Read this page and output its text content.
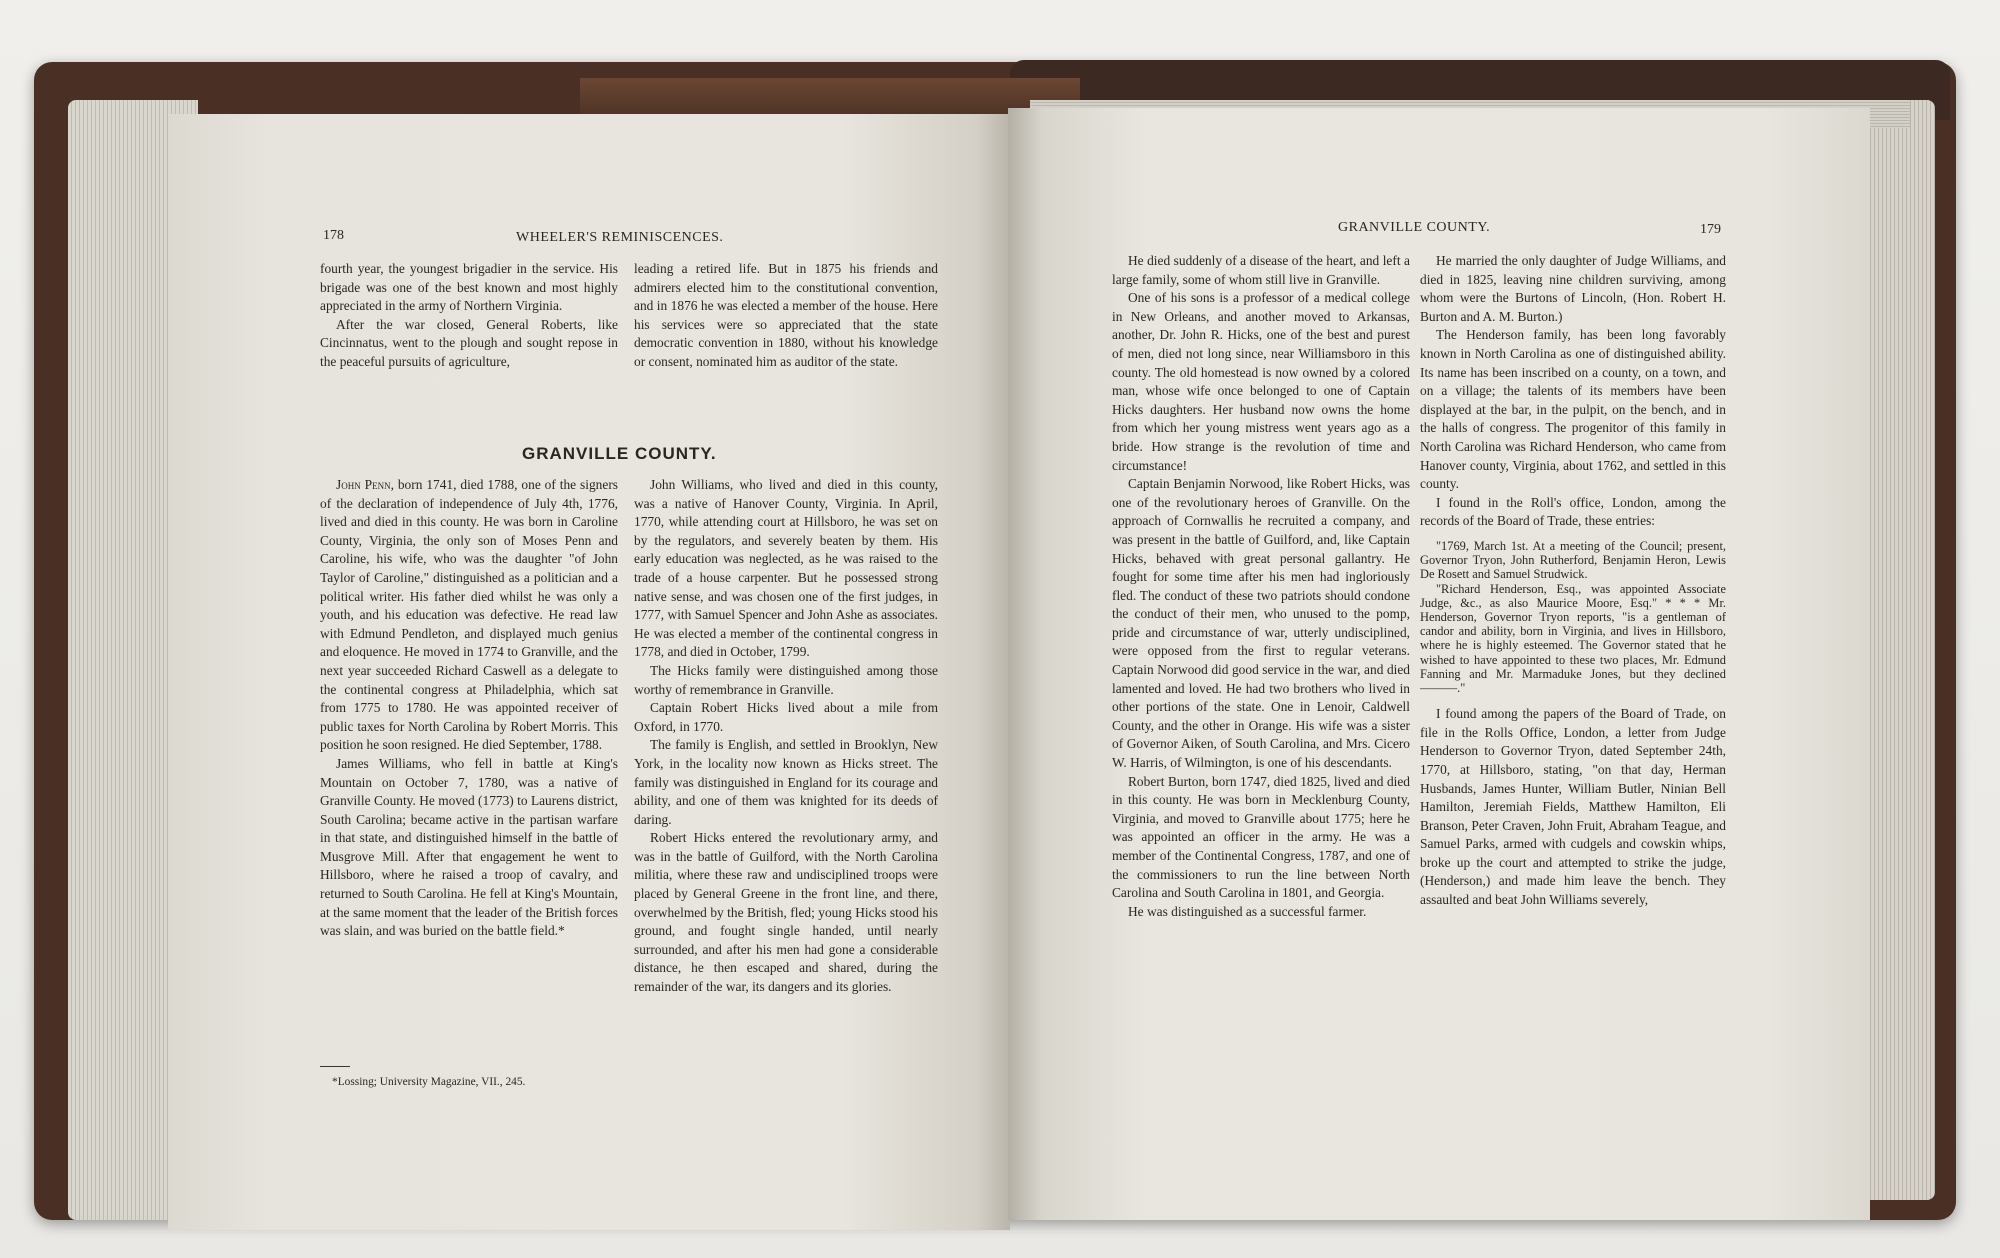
178	WHEELER'S REMINISCENCES.

fourth year, the youngest brigadier in the service. His brigade was one of the best known and most highly appreciated in the army of Northern Virginia.

After the war closed, General Roberts, like Cincinnatus, went to the plough and sought repose in the peaceful pursuits of agriculture,

leading a retired life. But in 1875 his friends and admirers elected him to the constitutional convention, and in 1876 he was elected a member of the house. Here his services were so appreciated that the state democratic convention in 1880, without his knowledge or consent, nominated him as auditor of the state.

GRANVILLE COUNTY.

John Penn, born 1741, died 1788, one of the signers of the declaration of independence of July 4th, 1776, lived and died in this county. He was born in Caroline County, Virginia, the only son of Moses Penn and Caroline, his wife, who was the daughter "of John Taylor of Caroline," distinguished as a politician and a political writer. His father died whilst he was only a youth, and his education was defective. He read law with Edmund Pendleton, and displayed much genius and eloquence. He moved in 1774 to Granville, and the next year succeeded Richard Caswell as a delegate to the continental congress at Philadelphia, which sat from 1775 to 1780. He was appointed receiver of public taxes for North Carolina by Robert Morris. This position he soon resigned. He died September, 1788.

James Williams, who fell in battle at King's Mountain on October 7, 1780, was a native of Granville County. He moved (1773) to Laurens district, South Carolina; became active in the partisan warfare in that state, and distinguished himself in the battle of Musgrove Mill. After that engagement he went to Hillsboro, where he raised a troop of cavalry, and returned to South Carolina. He fell at King's Mountain, at the same moment that the leader of the British forces was slain, and was buried on the battle field.*

*Lossing; University Magazine, VII., 245.

John Williams, who lived and died in this county, was a native of Hanover County, Virginia. In April, 1770, while attending court at Hillsboro, he was set on by the regulators, and severely beaten by them. His early education was neglected, as he was raised to the trade of a house carpenter. But he possessed strong native sense, and was chosen one of the first judges, in 1777, with Samuel Spencer and John Ashe as associates. He was elected a member of the continental congress in 1778, and died in October, 1799.

The Hicks family were distinguished among those worthy of remembrance in Granville.

Captain Robert Hicks lived about a mile from Oxford, in 1770.

The family is English, and settled in Brooklyn, New York, in the locality now known as Hicks street. The family was distinguished in England for its courage and ability, and one of them was knighted for its deeds of daring.

Robert Hicks entered the revolutionary army, and was in the battle of Guilford, with the North Carolina militia, where these raw and undisciplined troops were placed by General Greene in the front line, and there, overwhelmed by the British, fled; young Hicks stood his ground, and fought single handed, until nearly surrounded, and after his men had gone a considerable distance, he then escaped and shared, during the remainder of the war, its dangers and its glories.

GRANVILLE COUNTY.	179

He died suddenly of a disease of the heart, and left a large family, some of whom still live in Granville.

One of his sons is a professor of a medical college in New Orleans, and another moved to Arkansas, another, Dr. John R. Hicks, one of the best and purest of men, died not long since, near Williamsboro in this county. The old homestead is now owned by a colored man, whose wife once belonged to one of Captain Hicks daughters. Her husband now owns the home from which her young mistress went years ago as a bride. How strange is the revolution of time and circumstance!

Captain Benjamin Norwood, like Robert Hicks, was one of the revolutionary heroes of Granville. On the approach of Cornwallis he recruited a company, and was present in the battle of Guilford, and, like Captain Hicks, behaved with great personal gallantry. He fought for some time after his men had ingloriously fled. The conduct of these two patriots should condone the conduct of their men, who unused to the pomp, pride and circumstance of war, utterly undisciplined, were opposed from the first to regular veterans. Captain Norwood did good service in the war, and died lamented and loved. He had two brothers who lived in other portions of the state. One in Lenoir, Caldwell County, and the other in Orange. His wife was a sister of Governor Aiken, of South Carolina, and Mrs. Cicero W. Harris, of Wilmington, is one of his descendants.

Robert Burton, born 1747, died 1825, lived and died in this county. He was born in Mecklenburg County, Virginia, and moved to Granville about 1775; here he was appointed an officer in the army. He was a member of the Continental Congress, 1787, and one of the commissioners to run the line between North Carolina and South Carolina in 1801, and Georgia.

He was distinguished as a successful farmer.

He married the only daughter of Judge Williams, and died in 1825, leaving nine children surviving, among whom were the Burtons of Lincoln, (Hon. Robert H. Burton and A. M. Burton.)

The Henderson family, has been long favorably known in North Carolina as one of distinguished ability. Its name has been inscribed on a county, on a town, and on a village; the talents of its members have been displayed at the bar, in the pulpit, on the bench, and in the halls of congress. The progenitor of this family in North Carolina was Richard Henderson, who came from Hanover county, Virginia, about 1762, and settled in this county.

I found in the Roll's office, London, among the records of the Board of Trade, these entries:

"1769, March 1st. At a meeting of the Council; present, Governor Tryon, John Rutherford, Benjamin Heron, Lewis De Rosett and Samuel Strudwick.

"Richard Henderson, Esq., was appointed Associate Judge, &c., as also Maurice Moore, Esq." * * * Mr. Henderson, Governor Tryon reports, "is a gentleman of candor and ability, born in Virginia, and lives in Hillsboro, where he is highly esteemed. The Governor stated that he wished to have appointed to these two places, Mr. Edmund Fanning and Mr. Marmaduke Jones, but they declined———."

I found among the papers of the Board of Trade, on file in the Rolls Office, London, a letter from Judge Henderson to Governor Tryon, dated September 24th, 1770, at Hillsboro, stating, "on that day, Herman Husbands, James Hunter, William Butler, Ninian Bell Hamilton, Jeremiah Fields, Matthew Hamilton, Eli Branson, Peter Craven, John Fruit, Abraham Teague, and Samuel Parks, armed with cudgels and cowskin whips, broke up the court and attempted to strike the judge, (Henderson,) and made him leave the bench. They assaulted and beat John Williams severely,
